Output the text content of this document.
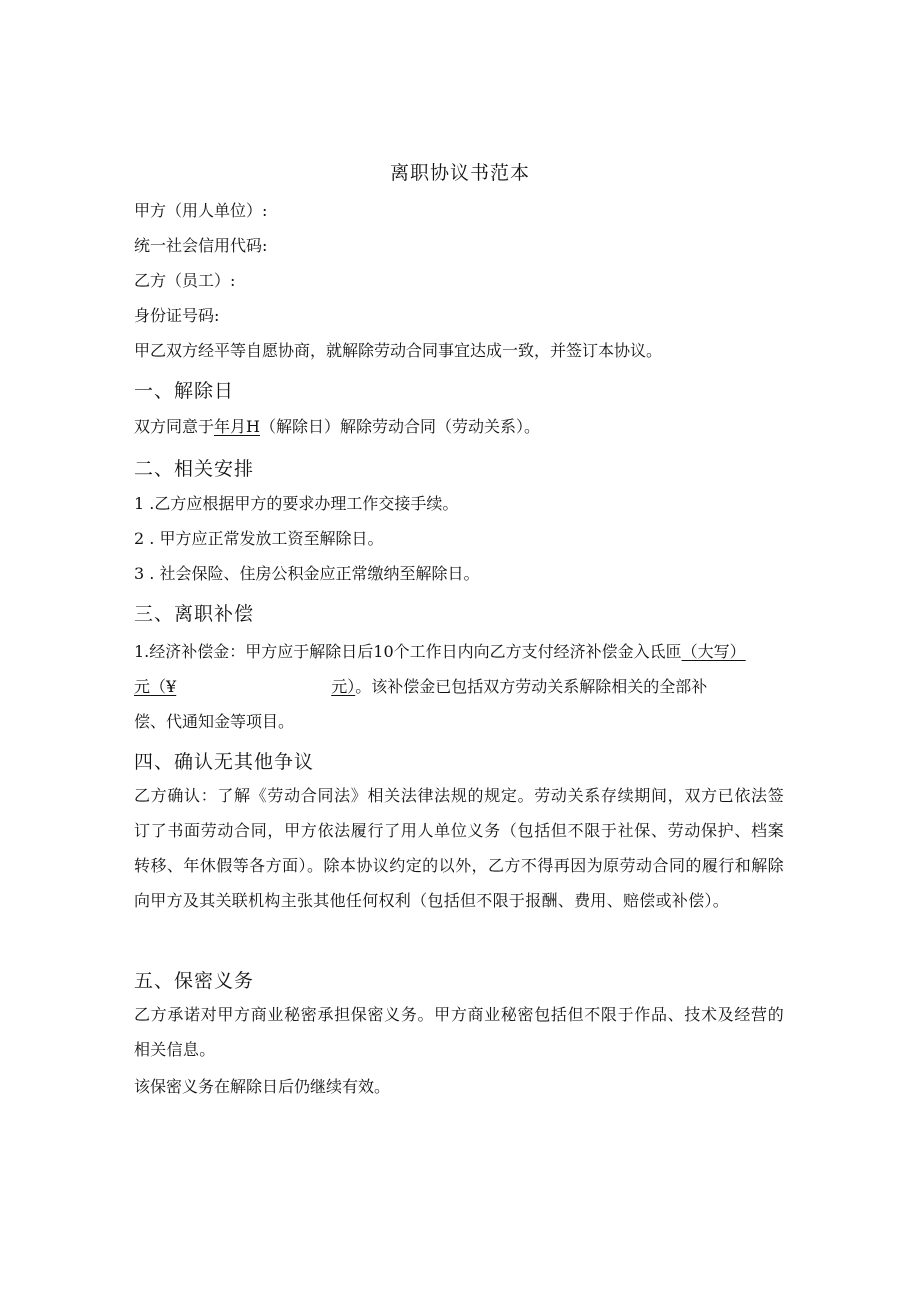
离职协议书范本
甲方（用人单位）:
统一社会信用代码:
乙方（员工）:
身份证号码:
甲乙双方经平等自愿协商，就解除劳动合同事宜达成一致，并签订本协议。
一、解除日
双方同意于年月H（解除日）解除劳动合同（劳动关系）。
二、相关安排
1 .乙方应根据甲方的要求办理工作交接手续。
2 . 甲方应正常发放工资至解除日。
3 . 社会保险、住房公积金应正常缴纳至解除日。
三、离职补偿
1.经济补偿金：甲方应于解除日后10个工作日内向乙方支付经济补偿金入氐匝（大写）
元（¥	元）。该补偿金已包括双方劳动关系解除相关的全部补
偿、代通知金等项目。
四、确认无其他争议
乙方确认：了解《劳动合同法》相关法律法规的规定。劳动关系存续期间，双方已依法签订了书面劳动合同，甲方依法履行了用人单位义务（包括但不限于社保、劳动保护、档案转移、年休假等各方面）。除本协议约定的以外，乙方不得再因为原劳动合同的履行和解除向甲方及其关联机构主张其他任何权利（包括但不限于报酬、费用、赔偿或补偿）。
五、保密义务
乙方承诺对甲方商业秘密承担保密义务。甲方商业秘密包括但不限于作品、技术及经营的相关信息。
该保密义务在解除日后仍继续有效。
